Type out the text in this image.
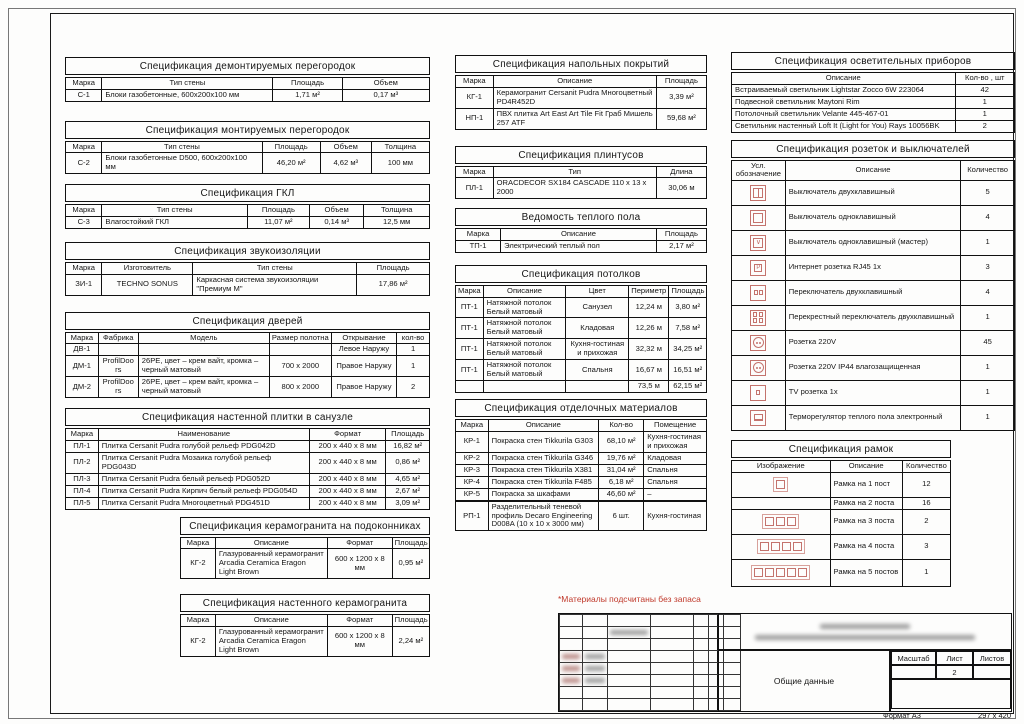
Спецификация демонтируемых перегородок
Марка	Тип стены	Площадь	Объем
С-1	Блоки газобетонные, 600x200x100 мм	1,71 м²	0,17 м³
Спецификация монтируемых перегородок
Марка	Тип стены	Площадь	Объем	Толщина
С-2	Блоки газобетонные D500, 600x200x100 мм	46,20 м²	4,62 м³	100 мм
Спецификация ГКЛ
Марка	Тип стены	Площадь	Объем	Толщина
С-3	Влагостойкий ГКЛ	11,07 м²	0,14 м³	12,5 мм
Спецификация звукоизоляции
Марка	Изготовитель	Тип стены	Площадь
ЗИ-1	TECHNO SONUS	Каркасная система звукоизоляции "Премиум М"	17,86 м²
Спецификация дверей
Марка	Фабрика	Модель	Размер полотна	Открывание	кол-во
ДВ-1				Левое Наружу	1
ДМ-1	ProfilDoors	26PE, цвет – крем вайт, кромка – черный матовый	700 х 2000	Правое Наружу	1
ДМ-2	ProfilDoors	26PE, цвет – крем вайт, кромка – черный матовый	800 х 2000	Правое Наружу	2
Спецификация настенной плитки в санузле
Марка	Наименование	Формат	Площадь
ПЛ-1	Плитка Cersanit Pudra голубой рельеф PDG042D	200 х 440 х 8 мм	16,82 м²
ПЛ-2	Плитка Cersanit Pudra Мозаика голубой рельеф PDG043D	200 х 440 х 8 мм	0,86 м²
ПЛ-3	Плитка Cersanit Pudra белый рельеф PDG052D	200 х 440 х 8 мм	4,65 м²
ПЛ-4	Плитка Cersanit Pudra Кирпич белый рельеф PDG054D	200 х 440 х 8 мм	2,67 м²
ПЛ-5	Плитка Cersanit Pudra Многоцветный PDG451D	200 х 440 х 8 мм	3,09 м²
Спецификация керамогранита на подоконниках
Марка	Описание	Формат	Площадь
КГ-2	Глазурованный керамогранит Arcadia Ceramica Eragon Light Brown	600 х 1200 х 8 мм	0,95 м²
Спецификация настенного керамогранита
Марка	Описание	Формат	Площадь
КГ-2	Глазурованный керамогранит Arcadia Ceramica Eragon Light Brown	600 х 1200 х 8 мм	2,24 м²
Спецификация напольных покрытий
Марка	Описание	Площадь
КГ-1	Керамогранит Cersanit Pudra Многоцветный PD4R452D	3,39 м²
НП-1	ПВХ плитка Art East Art Tile Fit Граб Мишель 257 ATF	59,68 м²
Спецификация плинтусов
Марка	Тип	Длина
ПЛ-1	ORACDECOR SX184 CASCADE 110 х 13 х 2000	30,06 м
Ведомость теплого пола
Марка	Описание	Площадь
ТП-1	Электрический теплый пол	2,17 м²
Спецификация потолков
Марка	Описание	Цвет	Периметр	Площадь
ПТ-1	Натяжной потолок Белый матовый	Санузел	12,24 м	3,80 м²
ПТ-1	Натяжной потолок Белый матовый	Кладовая	12,26 м	7,58 м²
ПТ-1	Натяжной потолок Белый матовый	Кухня-гостиная и прихожая	32,32 м	34,25 м²
ПТ-1	Натяжной потолок Белый матовый	Спальня	16,67 м	16,51 м²
			73,5 м	62,15 м²
Спецификация отделочных материалов
Марка	Описание	Кол-во	Помещение
КР-1	Покраска стен Tikkurila G303	68,10 м²	Кухня-гостиная и прихожая
КР-2	Покраска стен Tikkurila G346	19,76 м²	Кладовая
КР-3	Покраска стен Tikkurila X381	31,04 м²	Спальня
КР-4	Покраска стен Tikkurila F485	6,18 м²	Спальня
КР-5	Покраска за шкафами	46,60 м²	–
РП-1	Разделительный теневой профиль Decaro Engineering D008A (10 х 10 х 3000 мм)	6 шт.	Кухня-гостиная
Спецификация осветительных приборов
Описание	Кол-во , шт
Встраиваемый светильник Lightstar Zocco 6W 223064	42
Подвесной светильник Maytoni Rim	1
Потолочный светильник Velante 445-467-01	1
Светильник настенный Loft It (Light for You) Rays 10056BK	2
Спецификация розеток и выключателей
Усл. обозначение	Описание	Количество

	Выключатель двухклавишный	5

	Выключатель одноклавишный	4

∨	Выключатель одноклавишный (мастер)	1

P	Интернет розетка RJ45 1х	3

	Переключатель двухклавишный	4

	Перекрестный переключатель двухклавишный	1

	Розетка 220V	45

	Розетка 220V IP44 влагозащищенная	1

	TV розетка 1х	1

	Терморегулятор теплого пола электронный	1
Спецификация рамок
Изображение	Описание	Количество

	Рамка на 1 пост	12
	Рамка на 2 поста	16

	Рамка на 3 поста	2

	Рамка на 4 поста	3

	Рамка на 5 постов	1
*Материалы подсчитаны без запаса

Общие данные
Масштаб	Лист	Листов
2
Формат А3	297 x 420
